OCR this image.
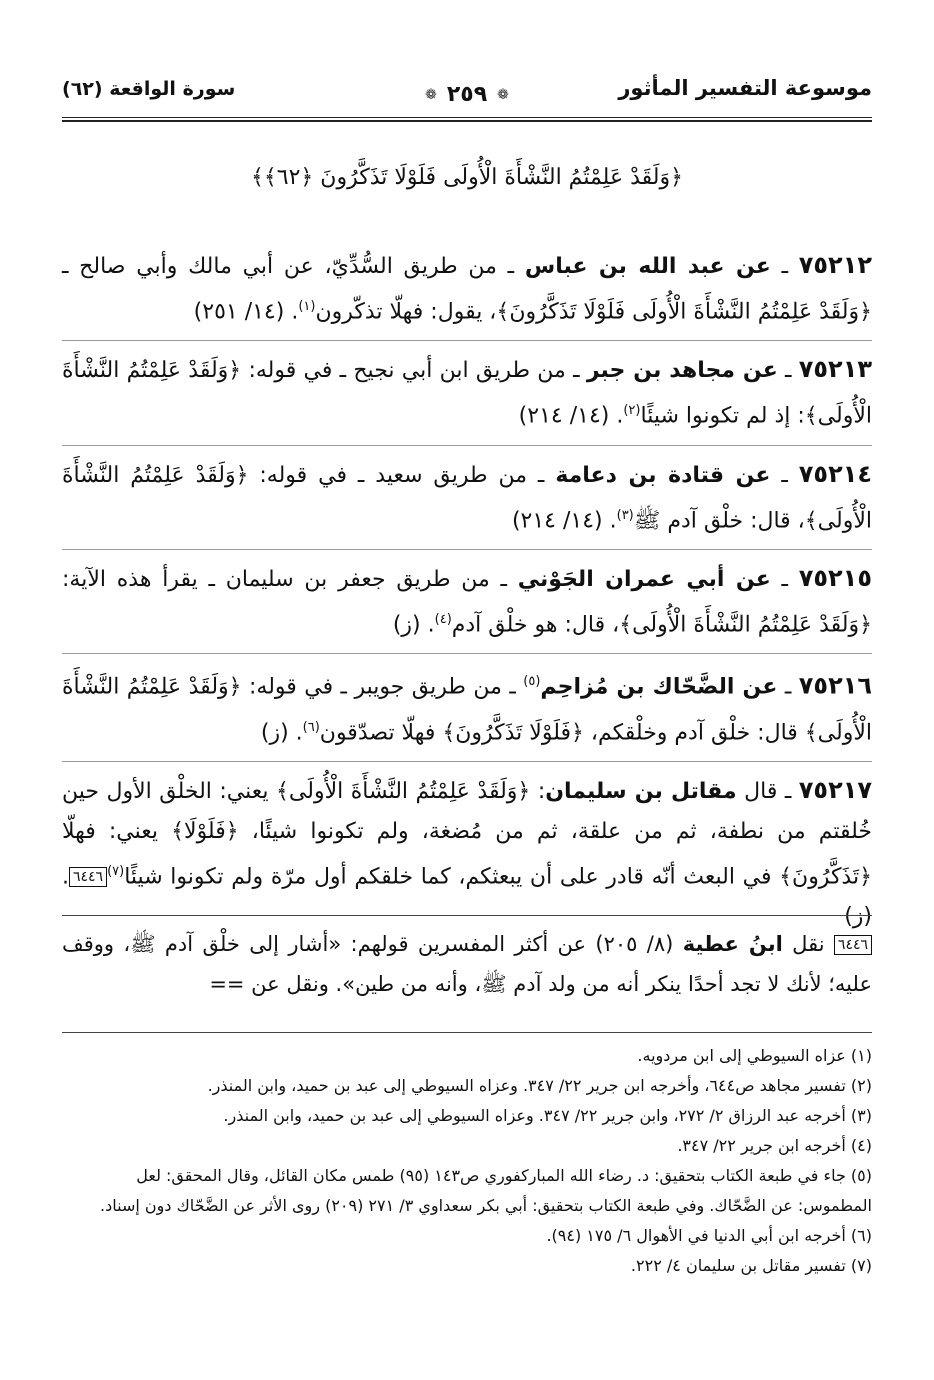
موسوعة التفسير المأثور
❁
٢٥٩
❁
سورة الواقعة (٦٢)
﴿وَلَقَدْ عَلِمْتُمُ النَّشْأَةَ الْأُولَى فَلَوْلَا تَذَكَّرُونَ ﴿٦٢﴾﴾

٧٥٢١٢ ـ عن عبد الله بن عباس ـ من طريق السُّدِّيّ، عن أبي مالك وأبي صالح ـ ﴿وَلَقَدْ عَلِمْتُمُ النَّشْأَةَ الْأُولَى فَلَوْلَا تَذَكَّرُونَ﴾، يقول: فهلّا تذكّرون$^{(١)}$. (١٤/ ٢٥١)

٧٥٢١٣ ـ عن مجاهد بن جبر ـ من طريق ابن أبي نجيح ـ في قوله: ﴿وَلَقَدْ عَلِمْتُمُ النَّشْأَةَ الْأُولَى﴾: إذ لم تكونوا شيئًا$^{(٢)}$. (١٤/ ٢١٤)

٧٥٢١٤ ـ عن قتادة بن دعامة ـ من طريق سعيد ـ في قوله: ﴿وَلَقَدْ عَلِمْتُمُ النَّشْأَةَ الْأُولَى﴾، قال: خلْق آدم ﷺ$^{(٣)}$. (١٤/ ٢١٤)

٧٥٢١٥ ـ عن أبي عمران الجَوْني ـ من طريق جعفر بن سليمان ـ يقرأ هذه الآية: ﴿وَلَقَدْ عَلِمْتُمُ النَّشْأَةَ الْأُولَى﴾، قال: هو خلْق آدم$^{(٤)}$. (ز)

٧٥٢١٦ ـ عن الضَّحّاك بن مُزاحِم$^{(٥)}$ ـ من طريق جويبر ـ في قوله: ﴿وَلَقَدْ عَلِمْتُمُ النَّشْأَةَ الْأُولَى﴾ قال: خلْق آدم وخلْقكم، ﴿فَلَوْلَا تَذَكَّرُونَ﴾ فهلّا تصدّقون$^{(٦)}$. (ز)

٧٥٢١٧ ـ قال مقاتل بن سليمان: ﴿وَلَقَدْ عَلِمْتُمُ النَّشْأَةَ الْأُولَى﴾ يعني: الخلْق الأول حين خُلقتم من نطفة، ثم من علقة، ثم من مُضغة، ولم تكونوا شيئًا، ﴿فَلَوْلَا﴾ يعني: فهلّا ﴿تَذَكَّرُونَ﴾ في البعث أنّه قادر على أن يبعثكم، كما خلقكم أول مرّة ولم تكونوا شيئًا$^{(٧)}$٦٤٤٦. (ز)

٦٤٤٦ نقل ابنُ عطية (٨/ ٢٠٥) عن أكثر المفسرين قولهم: «أشار إلى خلْق آدم ﷺ، ووقف عليه؛ لأنك لا تجد أحدًا ينكر أنه من ولد آدم ﷺ، وأنه من طين». ونقل عن ==

(١) عزاه السيوطي إلى ابن مردويه.

(٢) تفسير مجاهد ص٦٤٤، وأخرجه ابن جرير ٢٢/ ٣٤٧. وعزاه السيوطي إلى عبد بن حميد، وابن المنذر.

(٣) أخرجه عبد الرزاق ٢/ ٢٧٢، وابن جرير ٢٢/ ٣٤٧. وعزاه السيوطي إلى عبد بن حميد، وابن المنذر.

(٤) أخرجه ابن جرير ٢٢/ ٣٤٧.

(٥) جاء في طبعة الكتاب بتحقيق: د. رضاء الله المباركفوري ص١٤٣ (٩٥) طمس مكان القائل، وقال المحقق: لعل المطموس: عن الضَّحّاك. وفي طبعة الكتاب بتحقيق: أبي بكر سعداوي ٣/ ٢٧١ (٢٠٩) روى الأثر عن الضَّحّاك دون إسناد.

(٦) أخرجه ابن أبي الدنيا في الأهوال ٦/ ١٧٥ (٩٤).

(٧) تفسير مقاتل بن سليمان ٤/ ٢٢٢.
